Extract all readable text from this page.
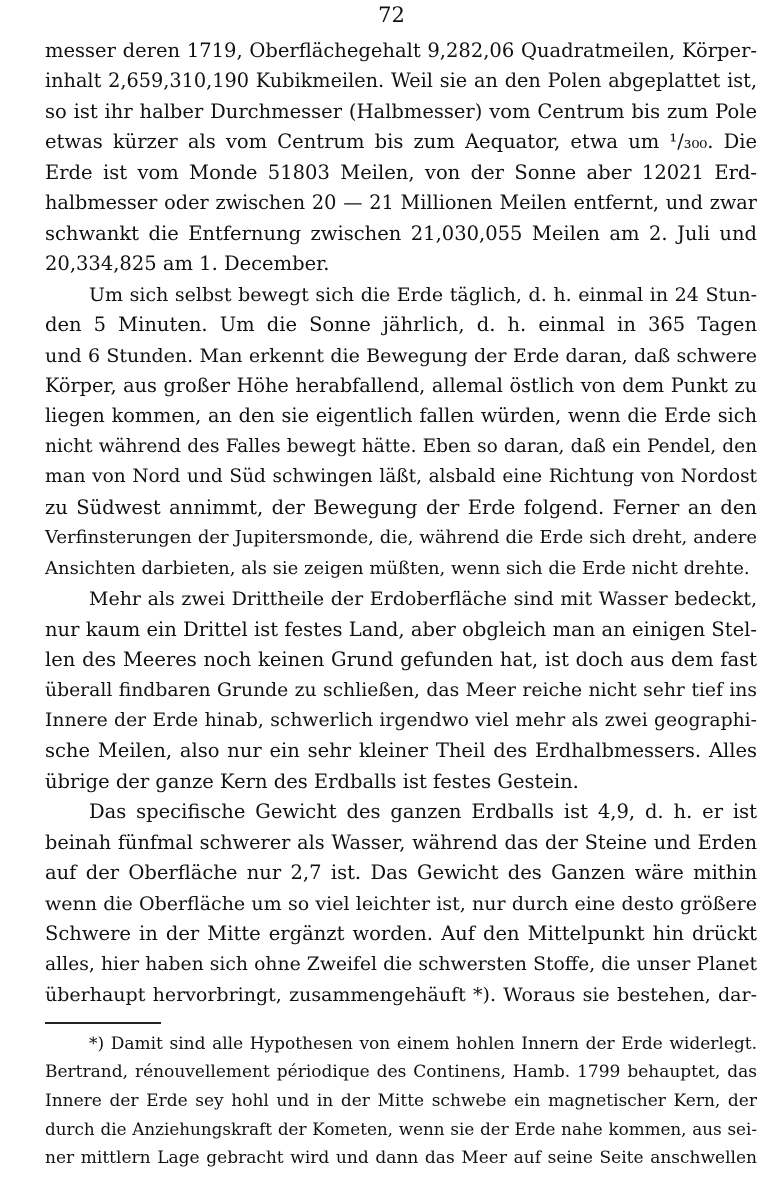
72
messer deren 1719, Oberflächegehalt 9,282,06 Quadratmeilen, Körper-
inhalt 2,659,310,190 Kubikmeilen. Weil sie an den Polen abgeplattet ist,
so ist ihr halber Durchmesser (Halbmesser) vom Centrum bis zum Pole
etwas kürzer als vom Centrum bis zum Aequator, etwa um ¹/₃₀₀. Die
Erde ist vom Monde 51803 Meilen, von der Sonne aber 12021 Erd-
halbmesser oder zwischen 20 — 21 Millionen Meilen entfernt, und zwar
schwankt die Entfernung zwischen 21,030,055 Meilen am 2. Juli und
20,334,825 am 1. December.
Um sich selbst bewegt sich die Erde täglich, d. h. einmal in 24 Stun-
den 5 Minuten. Um die Sonne jährlich, d. h. einmal in 365 Tagen
und 6 Stunden. Man erkennt die Bewegung der Erde daran, daß schwere
Körper, aus großer Höhe herabfallend, allemal östlich von dem Punkt zu
liegen kommen, an den sie eigentlich fallen würden, wenn die Erde sich
nicht während des Falles bewegt hätte. Eben so daran, daß ein Pendel, den
man von Nord und Süd schwingen läßt, alsbald eine Richtung von Nordost
zu Südwest annimmt, der Bewegung der Erde folgend. Ferner an den
Verfinsterungen der Jupitersmonde, die, während die Erde sich dreht, andere
Ansichten darbieten, als sie zeigen müßten, wenn sich die Erde nicht drehte.
Mehr als zwei Drittheile der Erdoberfläche sind mit Wasser bedeckt,
nur kaum ein Drittel ist festes Land, aber obgleich man an einigen Stel-
len des Meeres noch keinen Grund gefunden hat, ist doch aus dem fast
überall findbaren Grunde zu schließen, das Meer reiche nicht sehr tief ins
Innere der Erde hinab, schwerlich irgendwo viel mehr als zwei geographi-
sche Meilen, also nur ein sehr kleiner Theil des Erdhalbmessers. Alles
übrige der ganze Kern des Erdballs ist festes Gestein.
Das specifische Gewicht des ganzen Erdballs ist 4,9, d. h. er ist
beinah fünfmal schwerer als Wasser, während das der Steine und Erden
auf der Oberfläche nur 2,7 ist. Das Gewicht des Ganzen wäre mithin
wenn die Oberfläche um so viel leichter ist, nur durch eine desto größere
Schwere in der Mitte ergänzt worden. Auf den Mittelpunkt hin drückt
alles, hier haben sich ohne Zweifel die schwersten Stoffe, die unser Planet
überhaupt hervorbringt, zusammengehäuft *). Woraus sie bestehen, dar-
*) Damit sind alle Hypothesen von einem hohlen Innern der Erde widerlegt.
Bertrand, rénouvellement périodique des Continens, Hamb. 1799 behauptet, das
Innere der Erde sey hohl und in der Mitte schwebe ein magnetischer Kern, der
durch die Anziehungskraft der Kometen, wenn sie der Erde nahe kommen, aus sei-
ner mittlern Lage gebracht wird und dann das Meer auf seine Seite anschwellen
